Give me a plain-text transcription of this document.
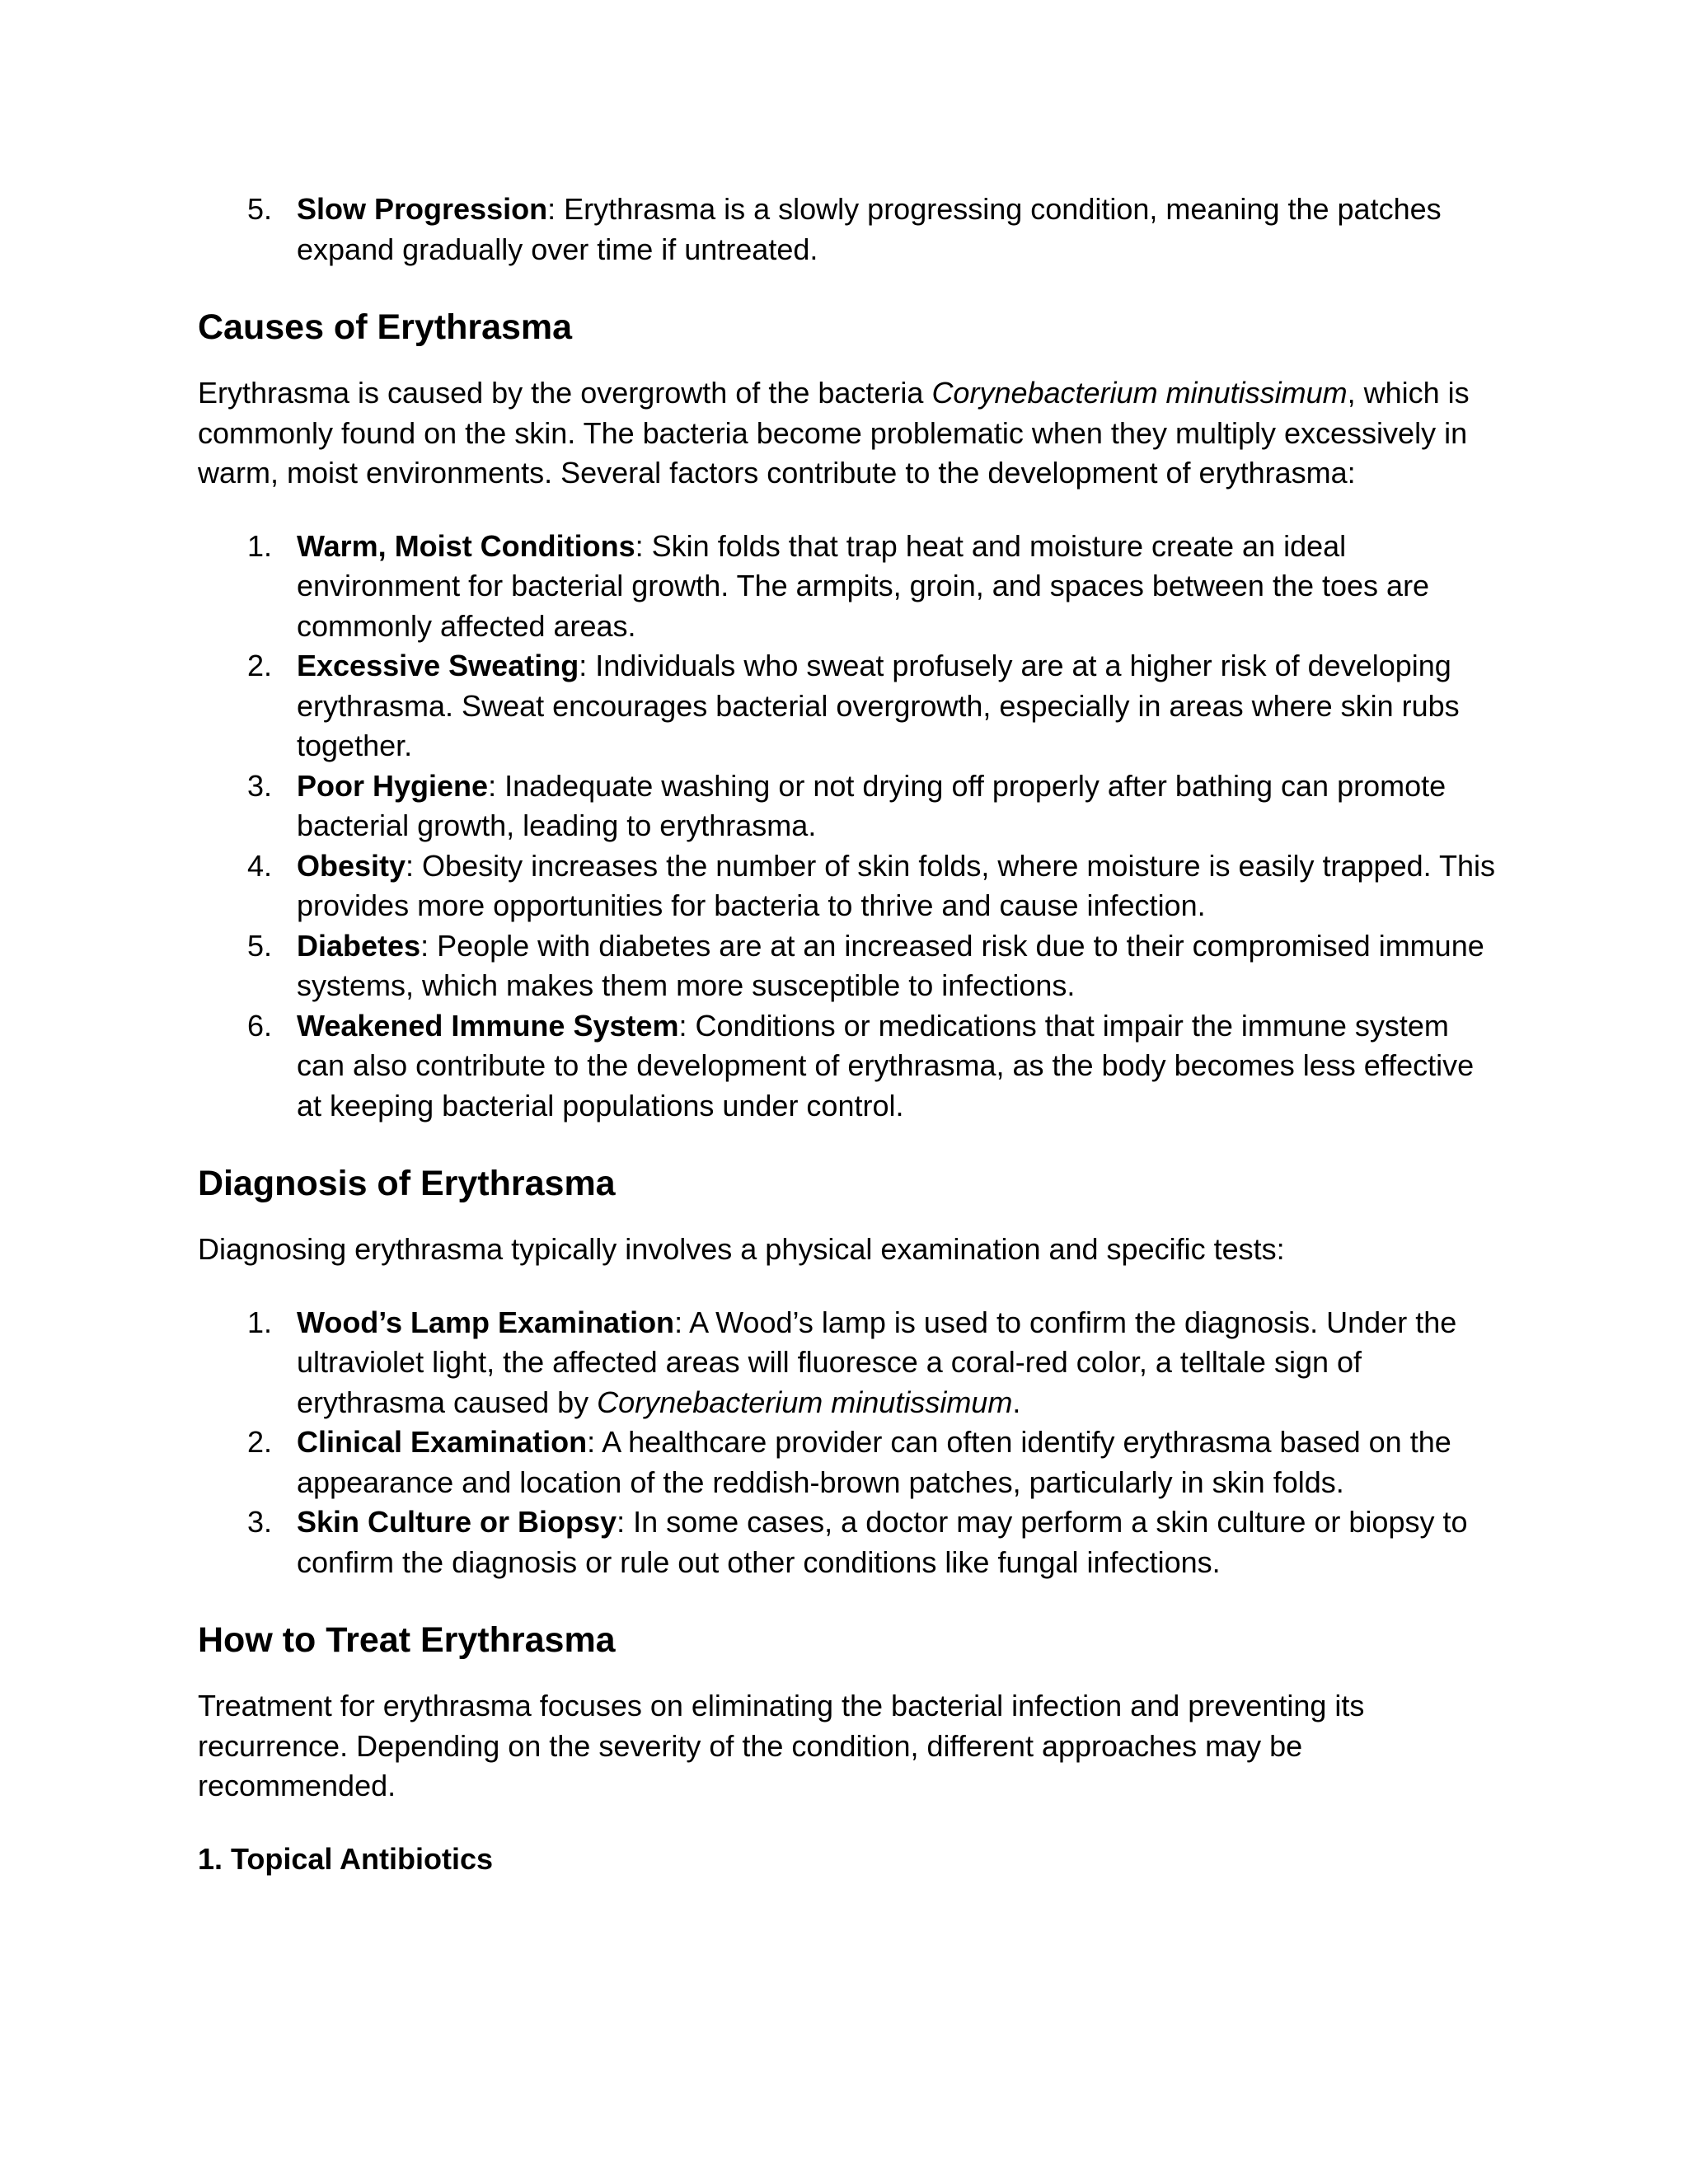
5. Slow Progression: Erythrasma is a slowly progressing condition, meaning the patches expand gradually over time if untreated.
Causes of Erythrasma

Erythrasma is caused by the overgrowth of the bacteria Corynebacterium minutissimum, which is commonly found on the skin. The bacteria become problematic when they multiply excessively in warm, moist environments. Several factors contribute to the development of erythrasma:

1. Warm, Moist Conditions: Skin folds that trap heat and moisture create an ideal environment for bacterial growth. The armpits, groin, and spaces between the toes are commonly affected areas.
2. Excessive Sweating: Individuals who sweat profusely are at a higher risk of developing erythrasma. Sweat encourages bacterial overgrowth, especially in areas where skin rubs together.
3. Poor Hygiene: Inadequate washing or not drying off properly after bathing can promote bacterial growth, leading to erythrasma.
4. Obesity: Obesity increases the number of skin folds, where moisture is easily trapped. This provides more opportunities for bacteria to thrive and cause infection.
5. Diabetes: People with diabetes are at an increased risk due to their compromised immune systems, which makes them more susceptible to infections.
6. Weakened Immune System: Conditions or medications that impair the immune system can also contribute to the development of erythrasma, as the body becomes less effective at keeping bacterial populations under control.
Diagnosis of Erythrasma

Diagnosing erythrasma typically involves a physical examination and specific tests:

1. Wood’s Lamp Examination: A Wood’s lamp is used to confirm the diagnosis. Under the ultraviolet light, the affected areas will fluoresce a coral-red color, a telltale sign of erythrasma caused by Corynebacterium minutissimum.
2. Clinical Examination: A healthcare provider can often identify erythrasma based on the appearance and location of the reddish-brown patches, particularly in skin folds.
3. Skin Culture or Biopsy: In some cases, a doctor may perform a skin culture or biopsy to confirm the diagnosis or rule out other conditions like fungal infections.
How to Treat Erythrasma

Treatment for erythrasma focuses on eliminating the bacterial infection and preventing its recurrence. Depending on the severity of the condition, different approaches may be recommended.

1. Topical Antibiotics
